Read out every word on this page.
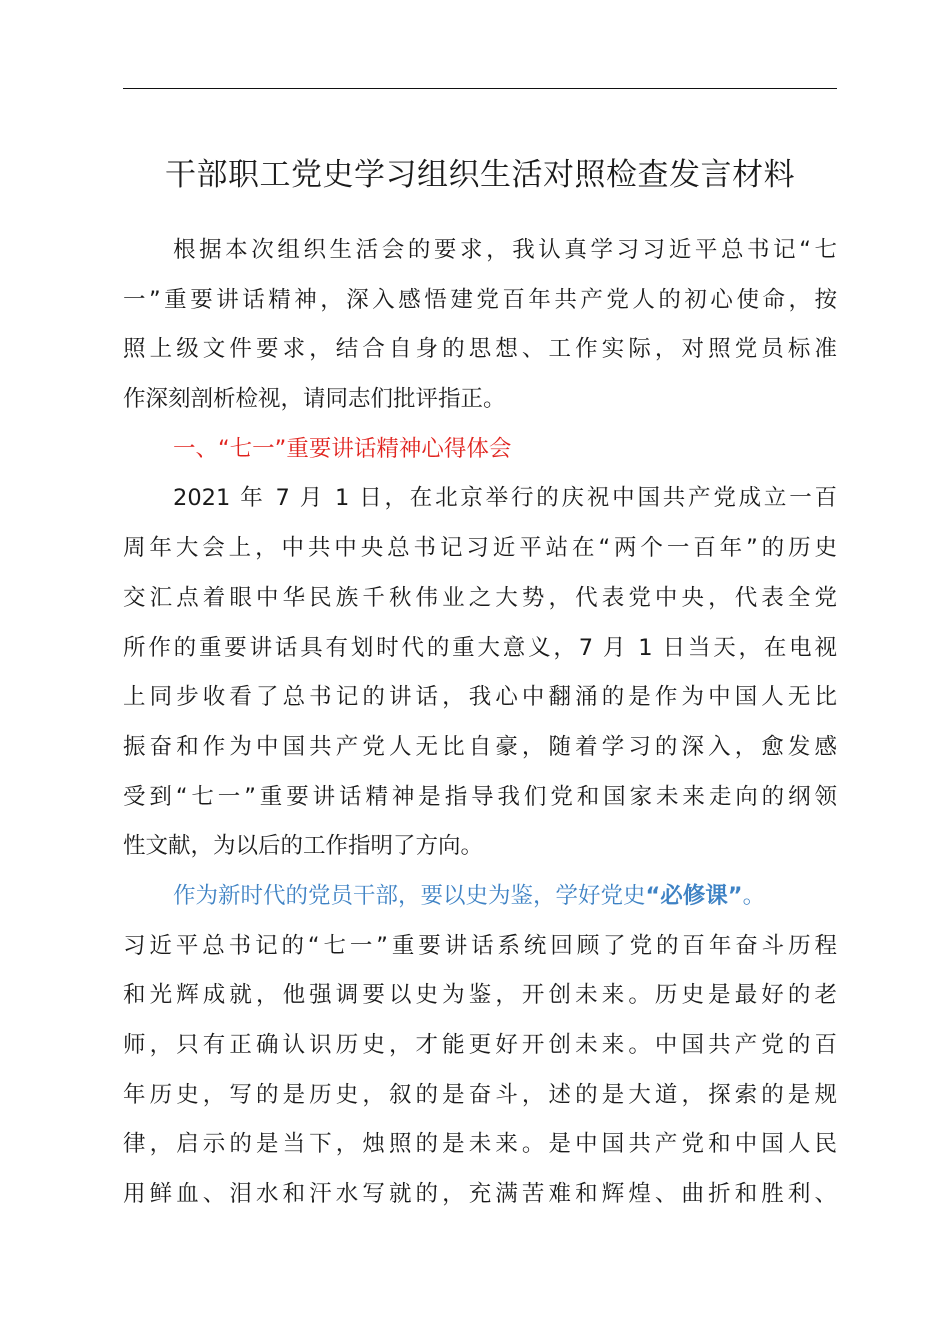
干部职工党史学习组织生活对照检查发言材料
根据本次组织生活会的要求，我认真学习习近平总书记“七
一”重要讲话精神，深入感悟建党百年共产党人的初心使命，按
照上级文件要求，结合自身的思想、工作实际，对照党员标准
作深刻剖析检视，请同志们批评指正。
一、“七一”重要讲话精神心得体会
2021 年 7 月 1 日，在北京举行的庆祝中国共产党成立一百
周年大会上，中共中央总书记习近平站在“两个一百年”的历史
交汇点着眼中华民族千秋伟业之大势，代表党中央，代表全党
所作的重要讲话具有划时代的重大意义，7 月 1 日当天，在电视
上同步收看了总书记的讲话，我心中翻涌的是作为中国人无比
振奋和作为中国共产党人无比自豪，随着学习的深入，愈发感
受到“七一”重要讲话精神是指导我们党和国家未来走向的纲领
性文献，为以后的工作指明了方向。
作为新时代的党员干部，要以史为鉴，学好党史“必修课”。
习近平总书记的“七一”重要讲话系统回顾了党的百年奋斗历程
和光辉成就，他强调要以史为鉴，开创未来。历史是最好的老
师，只有正确认识历史，才能更好开创未来。中国共产党的百
年历史，写的是历史，叙的是奋斗，述的是大道，探索的是规
律，启示的是当下，烛照的是未来。是中国共产党和中国人民
用鲜血、泪水和汗水写就的，充满苦难和辉煌、曲折和胜利、
